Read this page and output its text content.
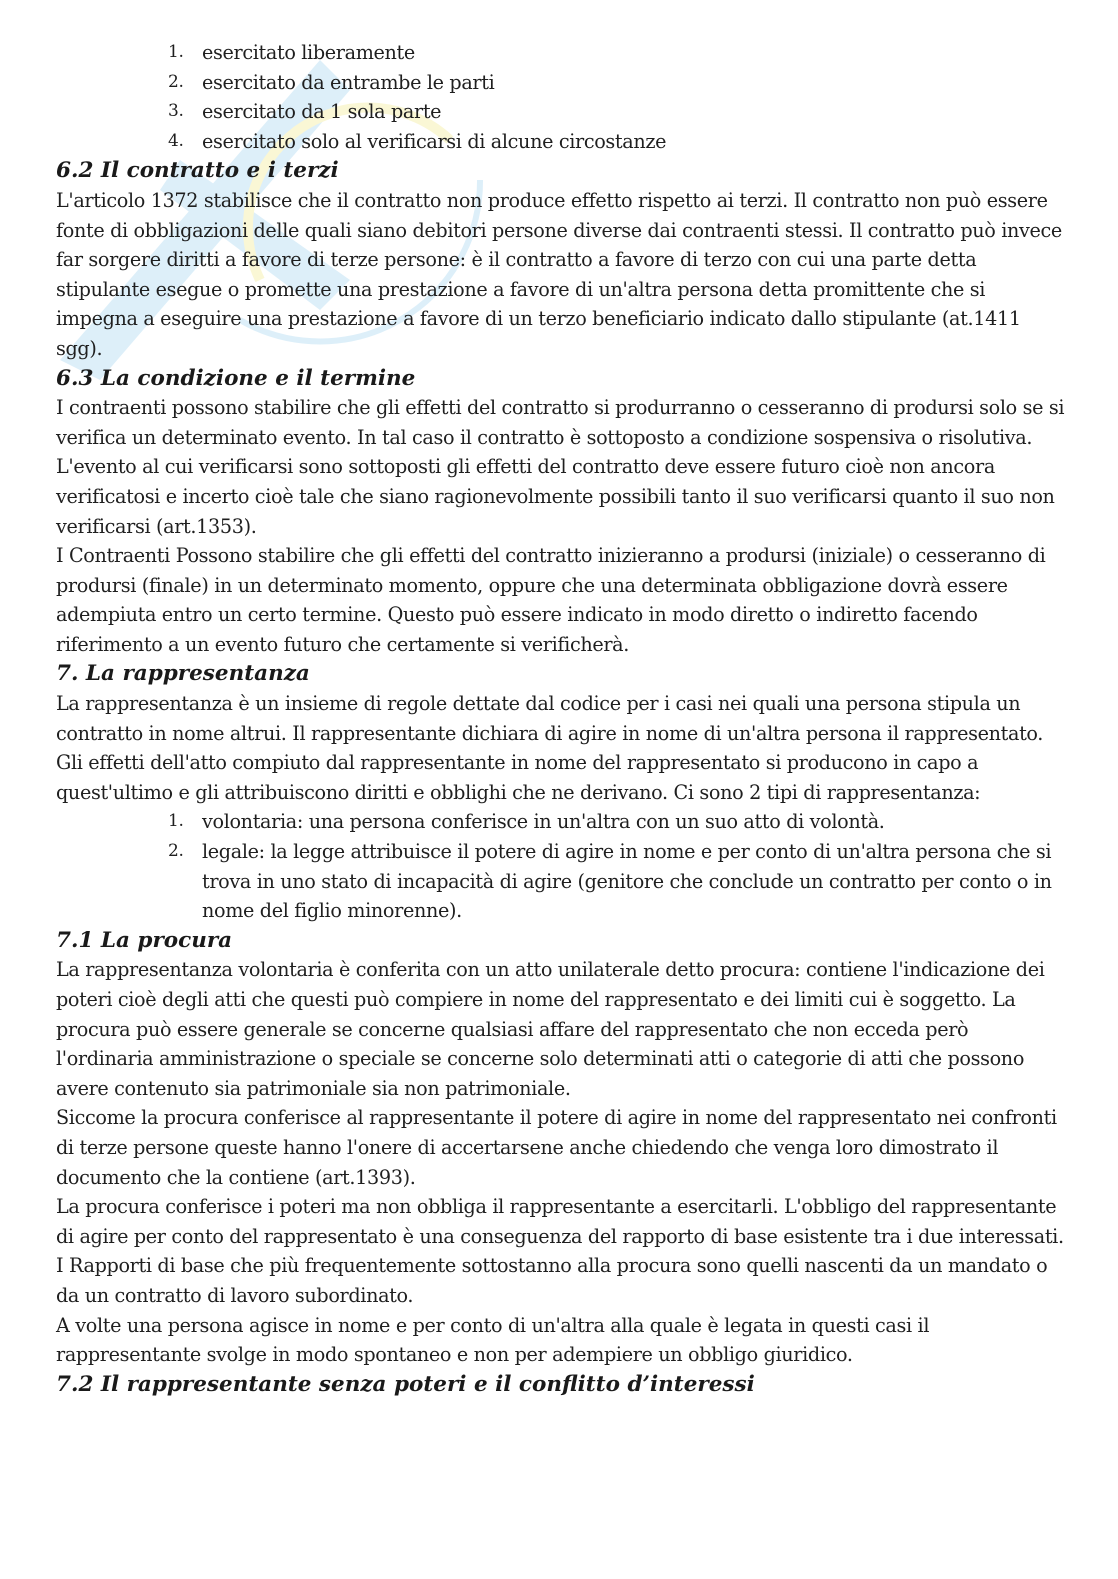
1. esercitato liberamente
2. esercitato da entrambe le parti
3. esercitato da 1 sola parte
4. esercitato solo al verificarsi di alcune circostanze
6.2 Il contratto e i terzi

L'articolo 1372 stabilisce che il contratto non produce effetto rispetto ai terzi. Il contratto non può essere fonte di obbligazioni delle quali siano debitori persone diverse dai contraenti stessi. Il contratto può invece far sorgere diritti a favore di terze persone: è il contratto a favore di terzo con cui una parte detta stipulante esegue o promette una prestazione a favore di un'altra persona detta promittente che si impegna a eseguire una prestazione a favore di un terzo beneficiario indicato dallo stipulante (at.1411 sgg).

6.3 La condizione e il termine

I contraenti possono stabilire che gli effetti del contratto si produrranno o cesseranno di prodursi solo se si verifica un determinato evento. In tal caso il contratto è sottoposto a condizione sospensiva o risolutiva. L'evento al cui verificarsi sono sottoposti gli effetti del contratto deve essere futuro cioè non ancora verificatosi e incerto cioè tale che siano ragionevolmente possibili tanto il suo verificarsi quanto il suo non verificarsi (art.1353).

I Contraenti Possono stabilire che gli effetti del contratto inizieranno a prodursi (iniziale) o cesseranno di prodursi (finale) in un determinato momento, oppure che una determinata obbligazione dovrà essere adempiuta entro un certo termine. Questo può essere indicato in modo diretto o indiretto facendo riferimento a un evento futuro che certamente si verificherà.

7. La rappresentanza

La rappresentanza è un insieme di regole dettate dal codice per i casi nei quali una persona stipula un contratto in nome altrui. Il rappresentante dichiara di agire in nome di un'altra persona il rappresentato. Gli effetti dell'atto compiuto dal rappresentante in nome del rappresentato si producono in capo a quest'ultimo e gli attribuiscono diritti e obblighi che ne derivano. Ci sono 2 tipi di rappresentanza:

1. volontaria: una persona conferisce in un'altra con un suo atto di volontà.
2. legale: la legge attribuisce il potere di agire in nome e per conto di un'altra persona che si trova in uno stato di incapacità di agire (genitore che conclude un contratto per conto o in nome del figlio minorenne).
7.1 La procura

La rappresentanza volontaria è conferita con un atto unilaterale detto procura: contiene l'indicazione dei poteri cioè degli atti che questi può compiere in nome del rappresentato e dei limiti cui è soggetto. La procura può essere generale se concerne qualsiasi affare del rappresentato che non ecceda però l'ordinaria amministrazione o speciale se concerne solo determinati atti o categorie di atti che possono avere contenuto sia patrimoniale sia non patrimoniale.

Siccome la procura conferisce al rappresentante il potere di agire in nome del rappresentato nei confronti di terze persone queste hanno l'onere di accertarsene anche chiedendo che venga loro dimostrato il documento che la contiene (art.1393).

La procura conferisce i poteri ma non obbliga il rappresentante a esercitarli. L'obbligo del rappresentante di agire per conto del rappresentato è una conseguenza del rapporto di base esistente tra i due interessati. I Rapporti di base che più frequentemente sottostanno alla procura sono quelli nascenti da un mandato o da un contratto di lavoro subordinato.

A volte una persona agisce in nome e per conto di un'altra alla quale è legata in questi casi il rappresentante svolge in modo spontaneo e non per adempiere un obbligo giuridico.

7.2 Il rappresentante senza poteri e il conflitto d’interessi
